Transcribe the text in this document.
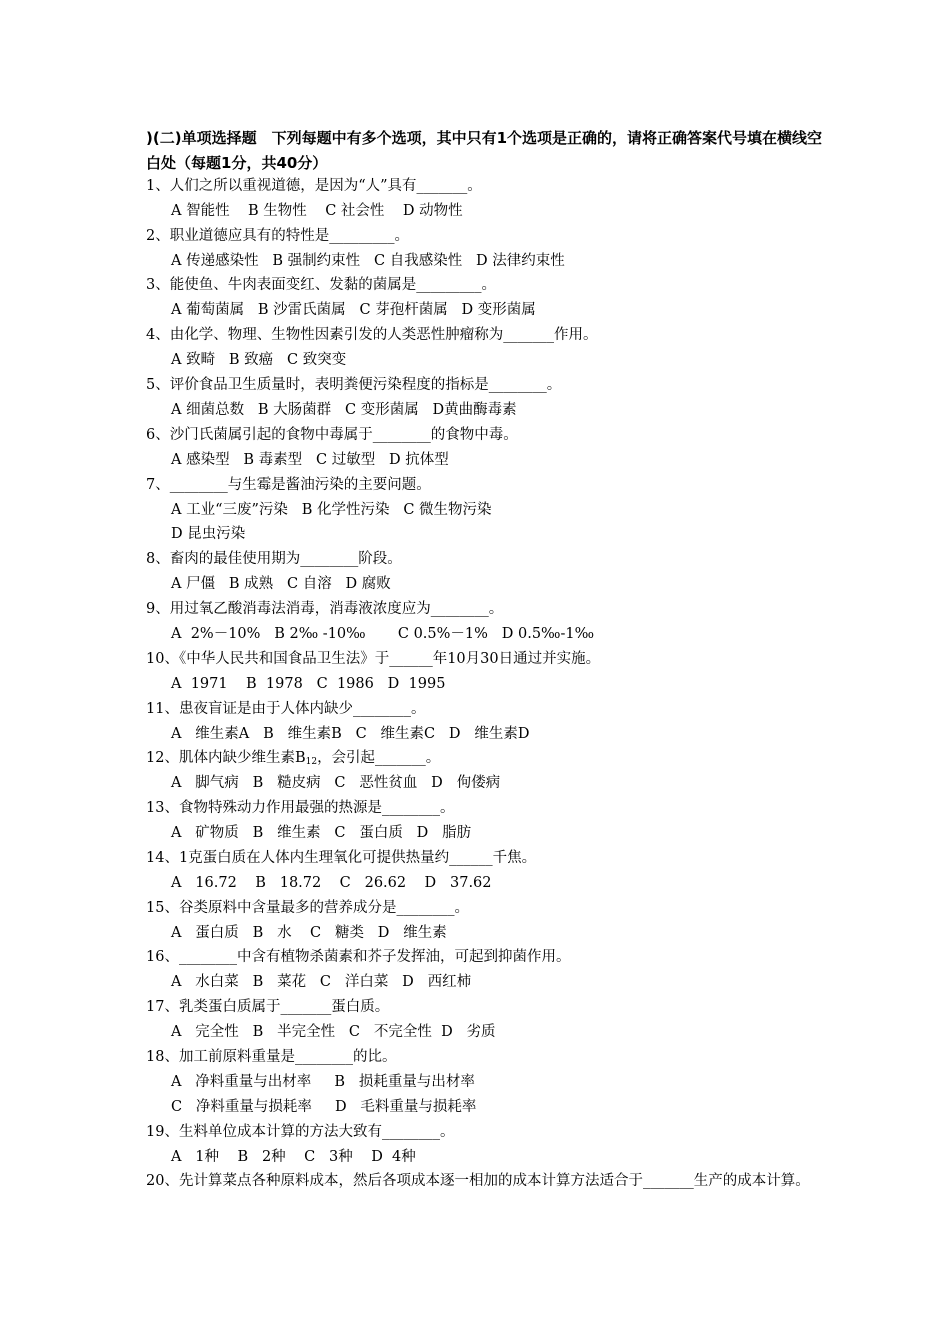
)(二)单项选择题　下列每题中有多个选项，其中只有1个选项是正确的，请将正确答案代号填在横线空白处（每题1分，共40分）
1、人们之所以重视道德，是因为“人”具有_______。
A 智能性    B 生物性    C 社会性    D 动物性
2、职业道德应具有的特性是_________。
A 传递感染性   B 强制约束性   C 自我感染性   D 法律约束性
3、能使鱼、牛肉表面变红、发黏的菌属是_________。
A 葡萄菌属   B 沙雷氏菌属   C 芽孢杆菌属   D 变形菌属
4、由化学、物理、生物性因素引发的人类恶性肿瘤称为_______作用。
A 致畸   B 致癌   C 致突变
5、评价食品卫生质量时，表明粪便污染程度的指标是________。
A 细菌总数   B 大肠菌群   C 变形菌属   D黄曲酶毒素
6、沙门氏菌属引起的食物中毒属于________的食物中毒。
A 感染型   B 毒素型   C 过敏型   D 抗体型
7、________与生霉是酱油污染的主要问题。
A 工业“三废”污染   B 化学性污染   C 微生物污染
D 昆虫污染
8、畜肉的最佳使用期为________阶段。
A 尸僵   B 成熟   C 自溶   D 腐败
9、用过氧乙酸消毒法消毒，消毒液浓度应为________。
A  2%－10%   B 2‰ -10‰       C 0.5%－1%   D 0.5‰-1‰
10、《中华人民共和国食品卫生法》于______年10月30日通过并实施。
A  1971    B  1978   C  1986   D  1995
11、患夜盲证是由于人体内缺少________。
A   维生素A   B   维生素B   C   维生素C   D   维生素D
12、肌体内缺少维生素$B_{12}$，会引起_______。
A   脚气病   B   糙皮病   C   恶性贫血   D   佝偻病
13、食物特殊动力作用最强的热源是________。
A   矿物质   B   维生素   C   蛋白质   D   脂肪
14、1克蛋白质在人体内生理氧化可提供热量约______千焦。
A   16.72    B   18.72    C   26.62    D   37.62
15、谷类原料中含量最多的营养成分是________。
A   蛋白质   B   水    C   糖类   D   维生素
16、________中含有植物杀菌素和芥子发挥油，可起到抑菌作用。
A   水白菜   B   菜花   C   洋白菜   D   西红柿
17、乳类蛋白质属于_______蛋白质。
A   完全性   B   半完全性   C   不完全性  D   劣质
18、加工前原料重量是________的比。
A   净料重量与出材率     B   损耗重量与出材率
C   净料重量与损耗率     D   毛料重量与损耗率
19、生料单位成本计算的方法大致有________。
A   1种    B   2种    C   3种    D  4种
20、先计算菜点各种原料成本，然后各项成本逐一相加的成本计算方法适合于_______生产的成本计算。
